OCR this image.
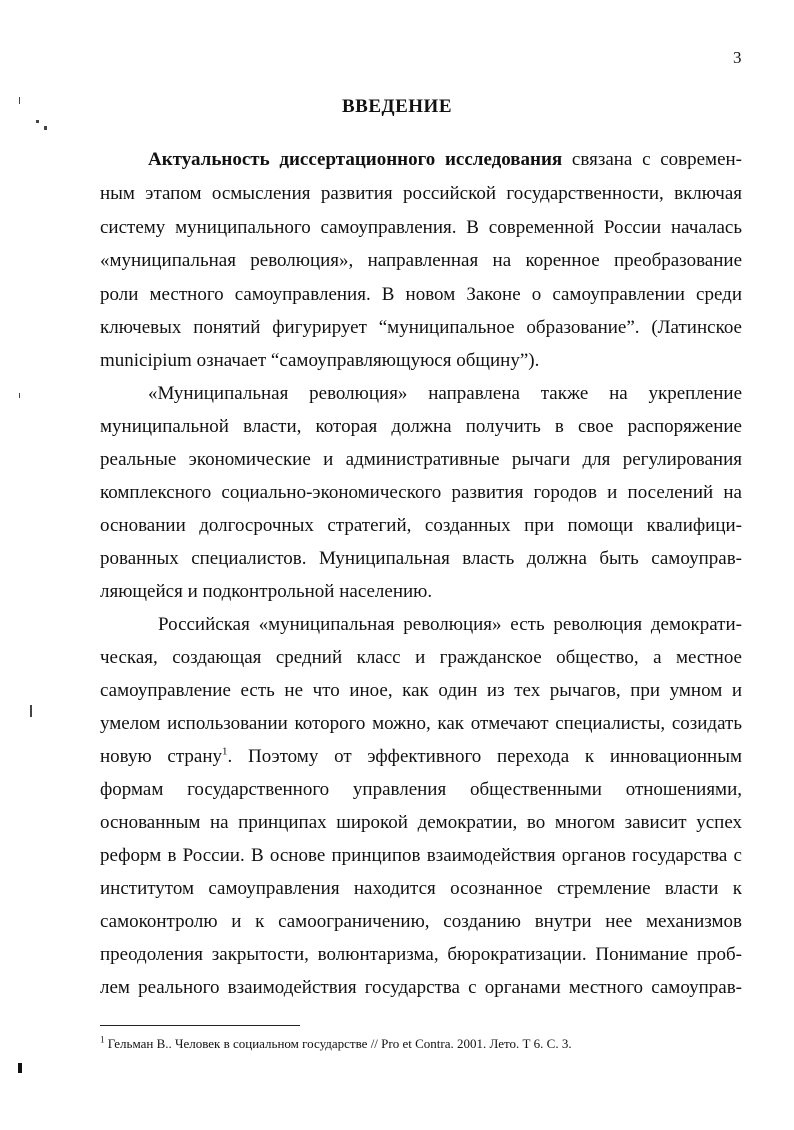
3
ВВЕДЕНИЕ
Актуальность диссертационного исследования связана с современ-
ным этапом осмысления развития российской государственности, включая
систему муниципального самоуправления. В современной России началась
«муниципальная революция», направленная на коренное преобразование
роли местного самоуправления. В новом Законе о самоуправлении среди
ключевых понятий фигурирует “муниципальное образование”. (Латинское
municipium означает “самоуправляющуюся общину”).
«Муниципальная революция» направлена также на укрепление
муниципальной власти, которая должна получить в свое распоряжение
реальные экономические и административные рычаги для регулирования
комплексного социально-экономического развития городов и поселений на
основании долгосрочных стратегий, созданных при помощи квалифици-
рованных специалистов. Муниципальная власть должна быть самоуправ-
ляющейся и подконтрольной населению.
Российская «муниципальная революция» есть революция демократи-
ческая, создающая средний класс и гражданское общество, а местное
самоуправление есть не что иное, как один из тех рычагов, при умном и
умелом использовании которого можно, как отмечают специалисты, созидать
новую страну$^1$. Поэтому от эффективного перехода к инновационным
формам государственного управления общественными отношениями,
основанным на принципах широкой демократии, во многом зависит успех
реформ в России. В основе принципов взаимодействия органов государства с
институтом самоуправления находится осознанное стремление власти к
самоконтролю и к самоограничению, созданию внутри нее механизмов
преодоления закрытости, волюнтаризма, бюрократизации. Понимание проб-
лем реального взаимодействия государства с органами местного самоуправ-
$^1$ Гельман В.. Человек в социальном государстве // Pro et Contra. 2001. Лето. Т 6. С. 3.
